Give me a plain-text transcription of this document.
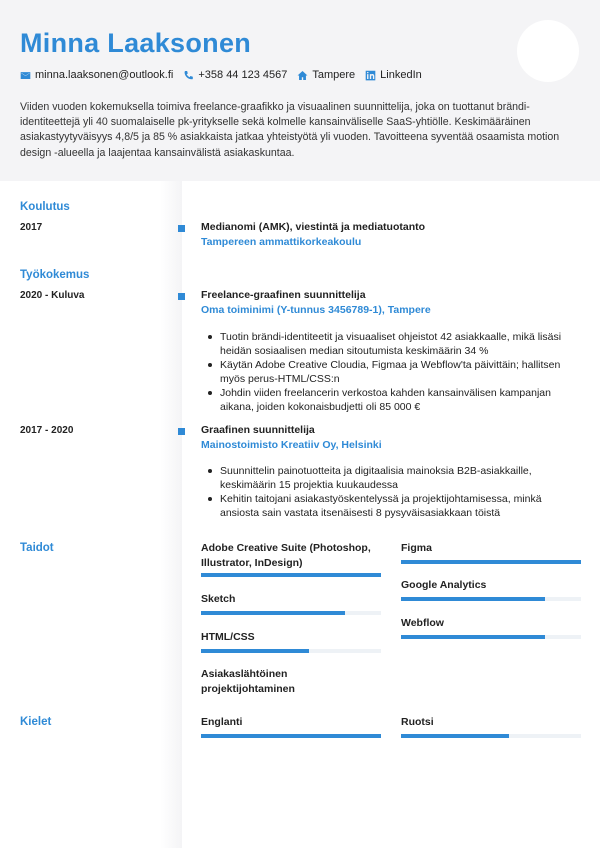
Minna Laaksonen
minna.laaksonen@outlook.fi +358 44 123 4567 Tampere LinkedIn

Viiden vuoden kokemuksella toimiva freelance-graafikko ja visuaalinen suunnittelija, joka on tuottanut brändi-identiteettejä yli 40 suomalaiselle pk-yritykselle sekä kolmelle kansainväliselle SaaS-yhtiölle. Keskimääräinen asiakastyytyväisyys 4,8/5 ja 85 % asiakkaista jatkaa yhteistyötä yli vuoden. Tavoitteena syventää osaamista motion design -alueella ja laajentaa kansainvälistä asiakaskuntaa.

Koulutus
2017	Medianomi (AMK), viestintä ja mediatuotanto
Tampereen ammattikorkeakoulu
Työkokemus
2020 - Kuluva	Freelance-graafinen suunnittelija
Oma toiminimi (Y-tunnus 3456789-1), Tampere
Tuotin brändi-identiteetit ja visuaaliset ohjeistot 42 asiakkaalle, mikä lisäsi heidän sosiaalisen median sitoutumista keskimäärin 34 %
Käytän Adobe Creative Cloudia, Figmaa ja Webflow'ta päivittäin; hallitsen myös perus-HTML/CSS:n
Johdin viiden freelancerin verkostoa kahden kansainvälisen kampanjan aikana, joiden kokonaisbudjetti oli 85 000 €
2017 - 2020	Graafinen suunnittelija
Mainostoimisto Kreatiiv Oy, Helsinki
Suunnittelin painotuotteita ja digitaalisia mainoksia B2B-asiakkaille, keskimäärin 15 projektia kuukaudessa
Kehitin taitojani asiakastyöskentelyssä ja projektijohtamisessa, minkä ansiosta sain vastata itsenäisesti 8 pysyväisasiakkaan töistä
Taidot	Adobe Creative Suite (Photoshop, Illustrator, InDesign)
Figma
Google Analytics
Sketch
Webflow
HTML/CSS
Asiakaslähtöinen projektijohtaminen
Kielet	Englanti	Ruotsi
